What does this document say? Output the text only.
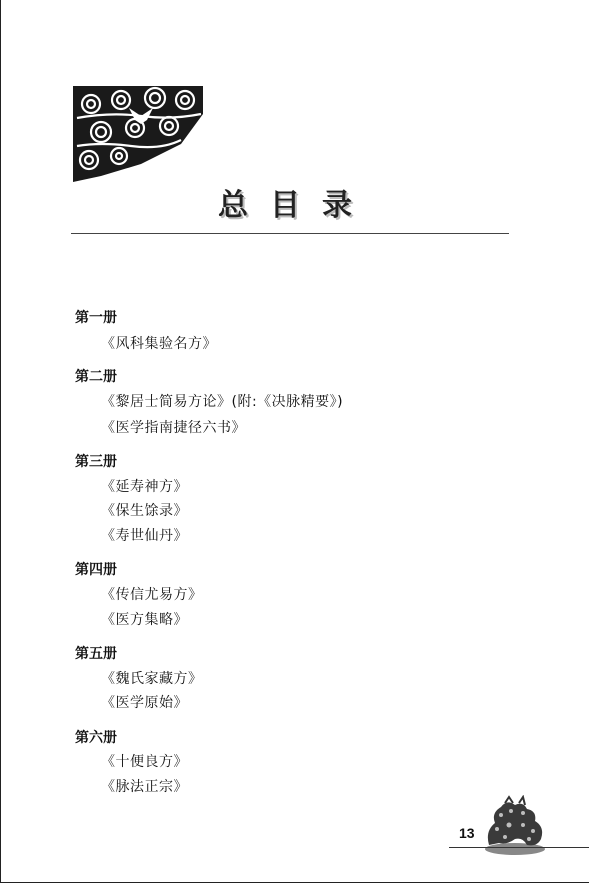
总目录
第一册
《风科集验名方》
第二册
《黎居士简易方论》(附:《决脉精要》)
《医学指南捷径六书》
第三册
《延寿神方》
《保生馀录》
《寿世仙丹》
第四册
《传信尤易方》
《医方集略》
第五册
《魏氏家藏方》
《医学原始》
第六册
《十便良方》
《脉法正宗》
13
